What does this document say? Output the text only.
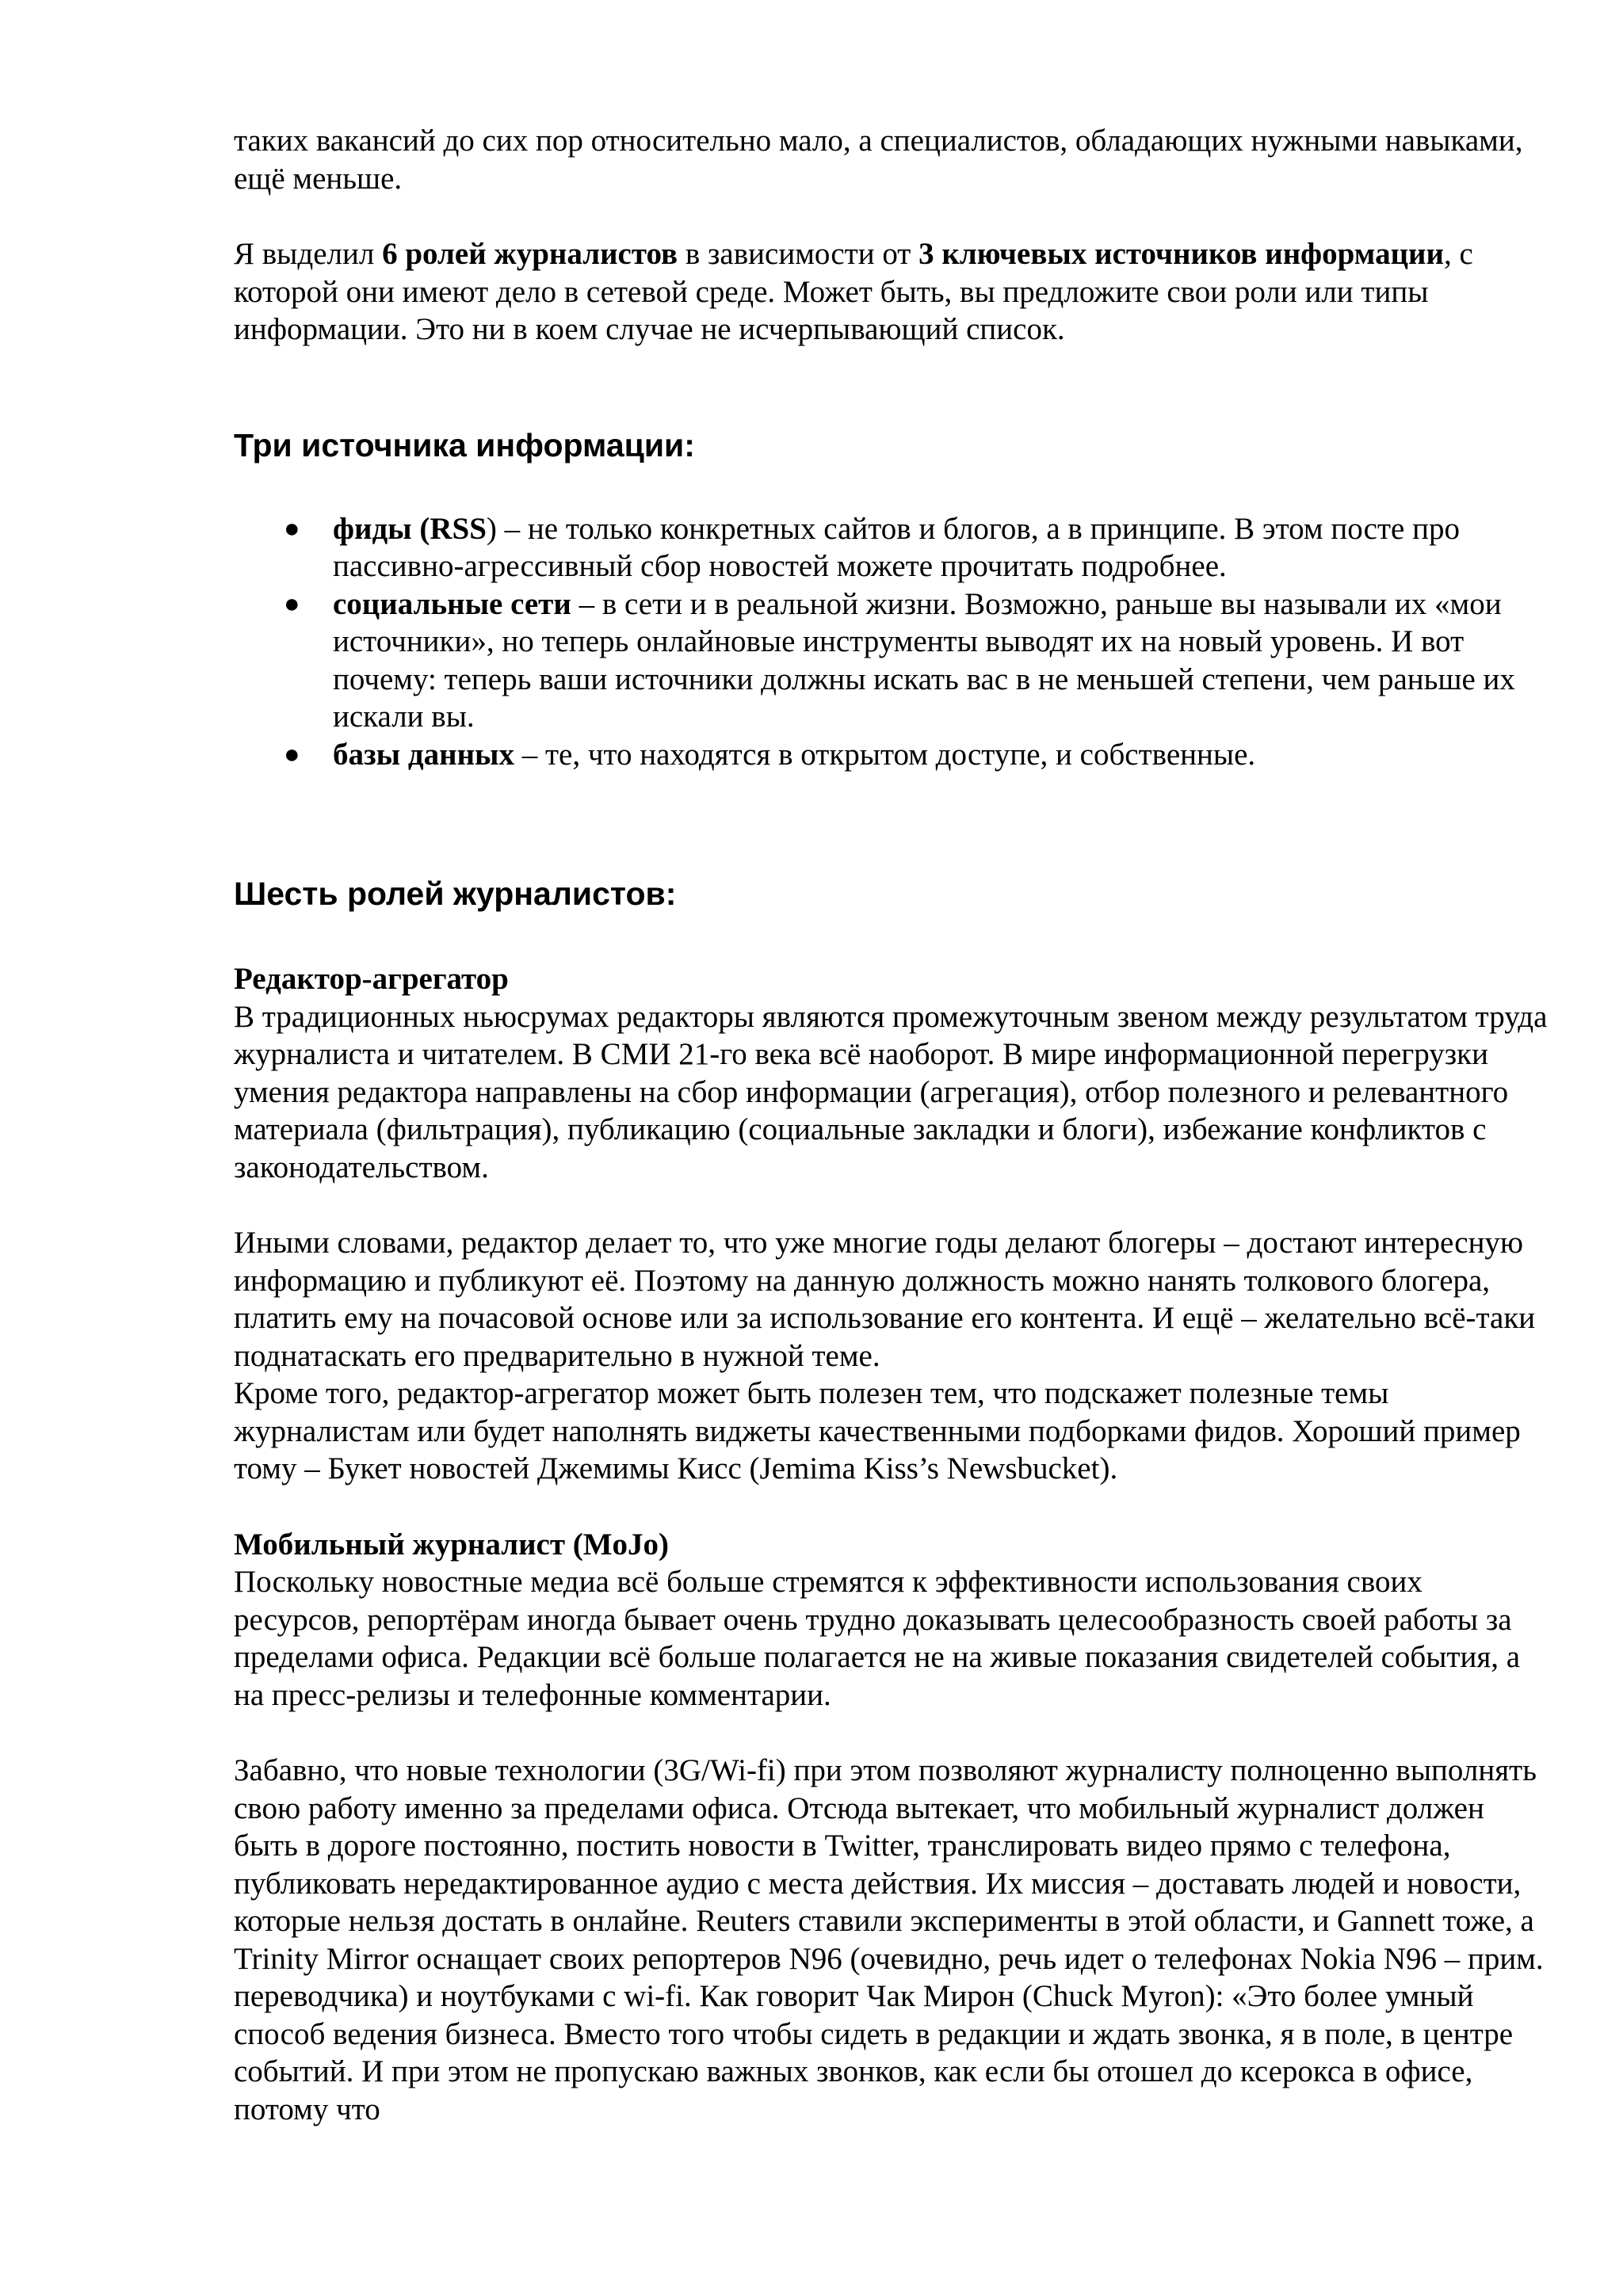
таких вакансий до сих пор относительно мало, а специалистов, обладающих нужными навыками, ещё меньше.

Я выделил 6 ролей журналистов в зависимости от 3 ключевых источников информации, с которой они имеют дело в сетевой среде. Может быть, вы предложите свои роли или типы информации. Это ни в коем случае не исчерпывающий список.

Три источника информации:
● фиды (RSS) – не только конкретных сайтов и блогов, а в принципе. В этом посте про пассивно-агрессивный сбор новостей можете прочитать подробнее.
● социальные сети – в сети и в реальной жизни. Возможно, раньше вы называли их «мои источники», но теперь онлайновые инструменты выводят их на новый уровень. И вот почему: теперь ваши источники должны искать вас в не меньшей степени, чем раньше их искали вы.
● базы данных – те, что находятся в открытом доступе, и собственные.
Шесть ролей журналистов:

Редактор-агрегатор

В традиционных ньюсрумах редакторы являются промежуточным звеном между результатом труда журналиста и читателем. В СМИ 21-го века всё наоборот. В мире информационной перегрузки умения редактора направлены на сбор информации (агрегация), отбор полезного и релевантного материала (фильтрация), публикацию (социальные закладки и блоги), избежание конфликтов с законодательством.

Иными словами, редактор делает то, что уже многие годы делают блогеры – достают интересную информацию и публикуют её. Поэтому на данную должность можно нанять толкового блогера, платить ему на почасовой основе или за использование его контента. И ещё – желательно всё-таки поднатаскать его предварительно в нужной теме.

Кроме того, редактор-агрегатор может быть полезен тем, что подскажет полезные темы журналистам или будет наполнять виджеты качественными подборками фидов. Хороший пример тому – Букет новостей Джемимы Кисс (Jemima Kiss’s Newsbucket).

Мобильный журналист (MoJo)

Поскольку новостные медиа всё больше стремятся к эффективности использования своих ресурсов, репортёрам иногда бывает очень трудно доказывать целесообразность своей работы за пределами офиса. Редакции всё больше полагается не на живые показания свидетелей события, а на пресс-релизы и телефонные комментарии.

Забавно, что новые технологии (3G/Wi-fi) при этом позволяют журналисту полноценно выполнять свою работу именно за пределами офиса. Отсюда вытекает, что мобильный журналист должен быть в дороге постоянно, постить новости в Twitter, транслировать видео прямо с телефона, публиковать нередактированное аудио с места действия. Их миссия – доставать людей и новости, которые нельзя достать в онлайне. Reuters ставили эксперименты в этой области, и Gannett тоже, а Trinity Mirror оснащает своих репортеров N96 (очевидно, речь идет о телефонах Nokia N96 – прим. переводчика) и ноутбуками с wi-fi. Как говорит Чак Мирон (Chuck Myron): «Это более умный способ ведения бизнеса. Вместо того чтобы сидеть в редакции и ждать звонка, я в поле, в центре событий. И при этом не пропускаю важных звонков, как если бы отошел до ксерокса в офисе, потому что
